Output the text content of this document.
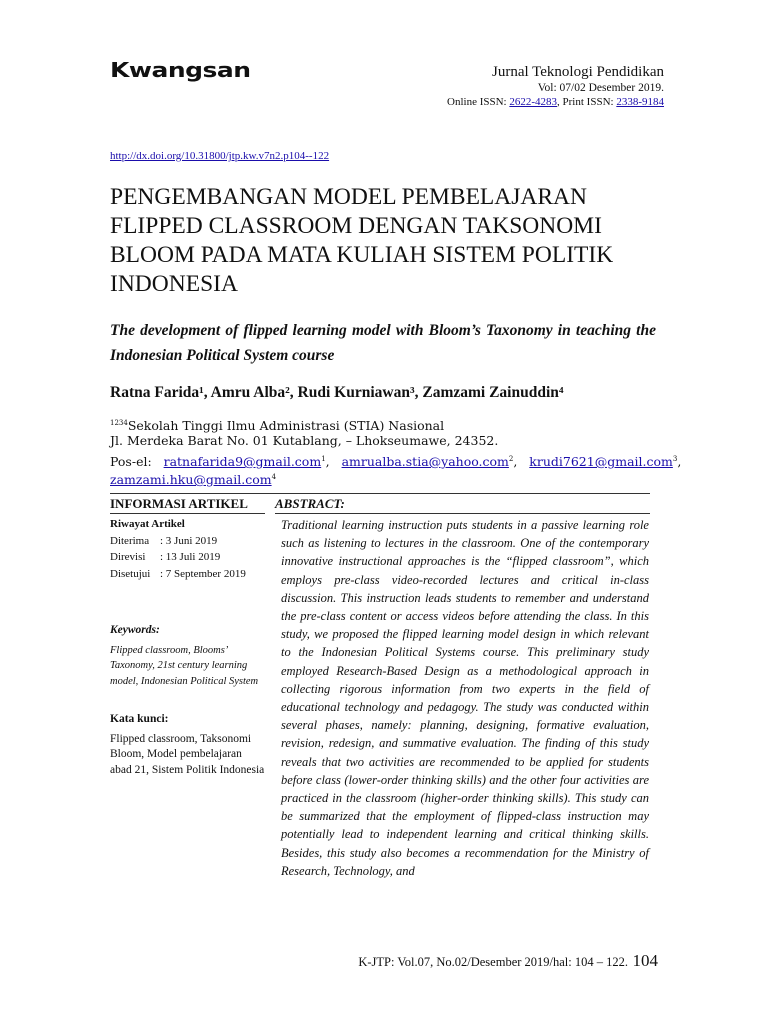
Kwangsan	Jurnal Teknologi Pendidikan
Vol: 07/02 Desember 2019.
Online ISSN: 2622-4283, Print ISSN: 2338-9184
http://dx.doi.org/10.31800/jtp.kw.v7n2.p104--122
PENGEMBANGAN MODEL PEMBELAJARAN FLIPPED CLASSROOM DENGAN TAKSONOMI BLOOM PADA MATA KULIAH SISTEM POLITIK INDONESIA

The development of flipped learning model with Bloom’s Taxonomy in teaching the Indonesian Political System course

Ratna Farida¹, Amru Alba², Rudi Kurniawan³, Zamzami Zainuddin⁴
$^{1234}$Sekolah Tinggi Ilmu Administrasi (STIA) Nasional
Jl. Merdeka Barat No. 01 Kutablang, – Lhokseumawe, 24352.
Pos-el: ratnafarida9@gmail.com$^1$,   amrualba.stia@yahoo.com$^2$,   krudi7621@gmail.com$^3$,
zamzami.hku@gmail.com$^4$
INFORMASI ARTIKEL ABSTRACT:
Riwayat Artikel
Diterima : 3 Juni 2019
Direvisi	: 13 Juli 2019
Disetujui : 7 September 2019
Keywords:
Flipped classroom, Blooms’ Taxonomy, 21st century learning model, Indonesian Political System
Kata kunci:
Flipped classroom, Taksonomi Bloom, Model pembelajaran abad 21, Sistem Politik Indonesia

Traditional learning instruction puts students in a passive learning role such as listening to lectures in the classroom. One of the contemporary innovative instructional approaches is the “flipped classroom”, which employs pre-class video-recorded lectures and critical in-class discussion. This instruction leads students to remember and understand the pre-class content or access videos before attending the class. In this study, we proposed the flipped learning model design in which relevant to the Indonesian Political Systems course. This preliminary study employed Research-Based Design as a methodological approach in collecting rigorous information from two experts in the field of educational technology and pedagogy. The study was conducted within several phases, namely: planning, designing, formative evaluation, revision, redesign, and summative evaluation. The finding of this study reveals that two activities are recommended to be applied for students before class (lower-order thinking skills) and the other four activities are practiced in the classroom (higher-order thinking skills). This study can be summarized that the employment of flipped-class instruction may potentially lead to independent learning and critical thinking skills. Besides, this study also becomes a recommendation for the Ministry of Research, Technology, and

K-JTP: Vol.07, No.02/Desember 2019/hal: 104 – 122. 104
